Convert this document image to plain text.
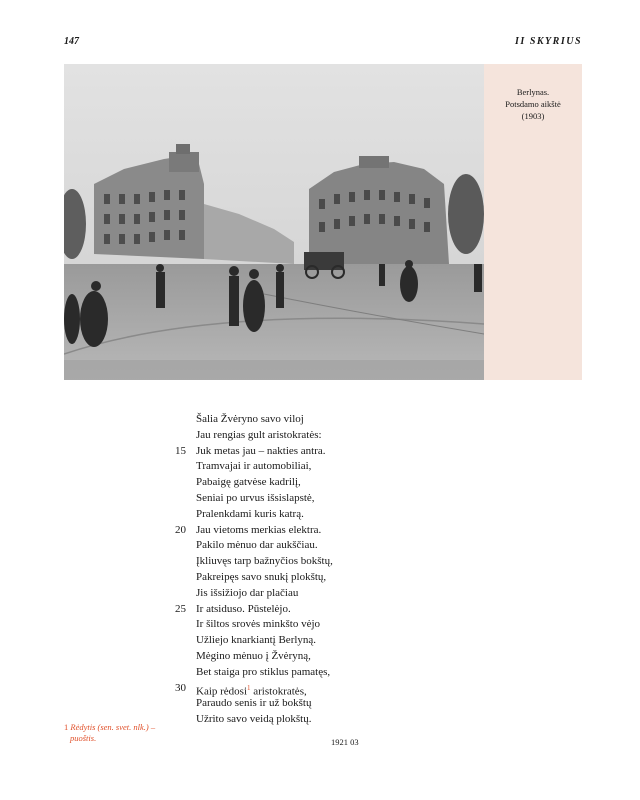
147	II SKYRIUS
Berlynas.
Potsdamo aikštė
(1903)
Šalia Žvėryno savo viloj
Jau rengias gult aristokratės:
15 Juk metas jau – nakties antra.
Tramvajai ir automobiliai,
Pabaigę gatvėse kadrilį,
Seniai po urvus išsislapstė,
Pralenkdami kuris katrą.
20 Jau vietoms merkias elektra.
Pakilo mėnuo dar aukščiau.
Įkliuvęs tarp bažnyčios bokštų,
Pakreipęs savo snukį plokštų,
Jis išsižiojo dar plačiau
25 Ir atsiduso. Pūstelėjo.
Ir šiltos srovės minkšto vėjo
Užliejo knarkiantį Berlyną.
Mėgino mėnuo į Žvėryną,
Bet staiga pro stiklus pamatęs,
30 Kaip rėdosi$^1$ aristokratės,
Paraudo senis ir už bokštų
Užrito savo veidą plokštų.
1921 03
1 Rėdytis (sen. svet. nlk.) –
puoštis.
